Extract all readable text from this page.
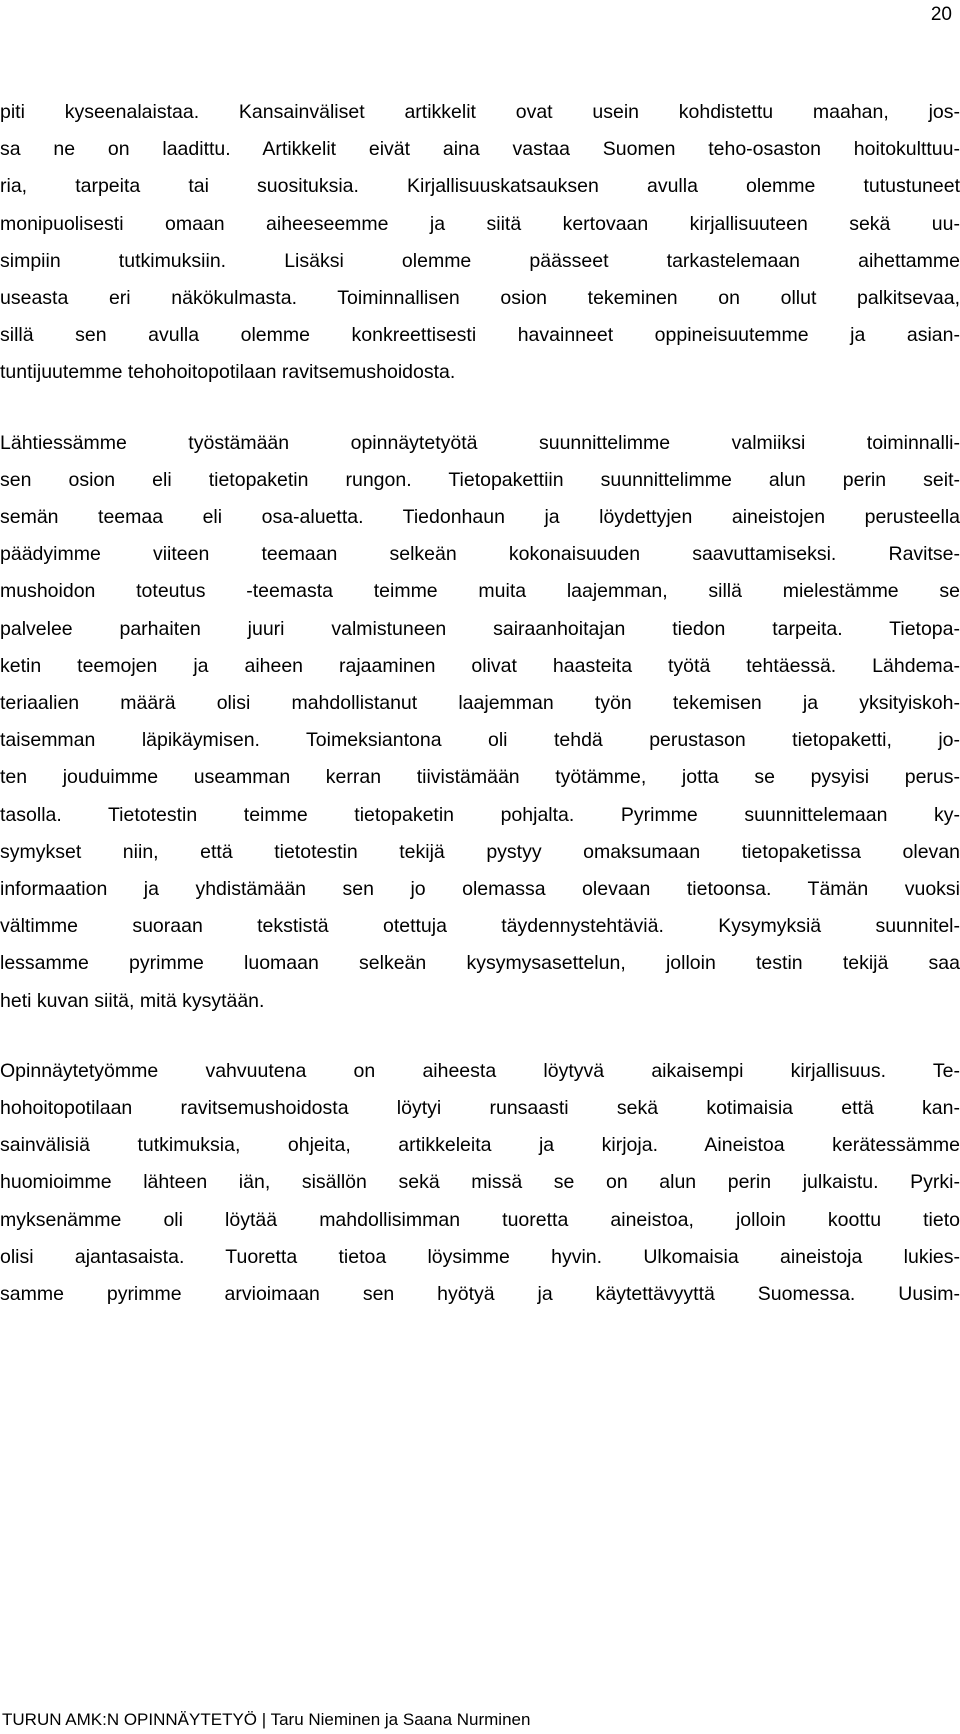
20
piti kyseenalaistaa. Kansainväliset artikkelit ovat usein kohdistettu maahan, jos-
sa ne on laadittu. Artikkelit eivät aina vastaa Suomen teho-osaston hoitokulttuu-
ria, tarpeita tai suosituksia. Kirjallisuuskatsauksen avulla olemme tutustuneet
monipuolisesti omaan aiheeseemme ja siitä kertovaan kirjallisuuteen sekä uu-
simpiin tutkimuksiin. Lisäksi olemme päässeet tarkastelemaan aihettamme
useasta eri näkökulmasta. Toiminnallisen osion tekeminen on ollut palkitsevaa,
sillä sen avulla olemme konkreettisesti havainneet oppineisuutemme ja asian-
tuntijuutemme tehohoitopotilaan ravitsemushoidosta.
Lähtiessämme työstämään opinnäytetyötä suunnittelimme valmiiksi toiminnalli-
sen osion eli tietopaketin rungon. Tietopakettiin suunnittelimme alun perin seit-
semän teemaa eli osa-aluetta. Tiedonhaun ja löydettyjen aineistojen perusteella
päädyimme viiteen teemaan selkeän kokonaisuuden saavuttamiseksi. Ravitse-
mushoidon toteutus -teemasta teimme muita laajemman, sillä mielestämme se
palvelee parhaiten juuri valmistuneen sairaanhoitajan tiedon tarpeita. Tietopa-
ketin teemojen ja aiheen rajaaminen olivat haasteita työtä tehtäessä. Lähdema-
teriaalien määrä olisi mahdollistanut laajemman työn tekemisen ja yksityiskoh-
taisemman läpikäymisen. Toimeksiantona oli tehdä perustason tietopaketti, jo-
ten jouduimme useamman kerran tiivistämään työtämme, jotta se pysyisi perus-
tasolla. Tietotestin teimme tietopaketin pohjalta. Pyrimme suunnittelemaan ky-
symykset niin, että tietotestin tekijä pystyy omaksumaan tietopaketissa olevan
informaation ja yhdistämään sen jo olemassa olevaan tietoonsa. Tämän vuoksi
vältimme suoraan tekstistä otettuja täydennystehtäviä. Kysymyksiä suunnitel-
lessamme pyrimme luomaan selkeän kysymysasettelun, jolloin testin tekijä saa
heti kuvan siitä, mitä kysytään.
Opinnäytetyömme vahvuutena on aiheesta löytyvä aikaisempi kirjallisuus. Te-
hohoitopotilaan ravitsemushoidosta löytyi runsaasti sekä kotimaisia että kan-
sainvälisiä tutkimuksia, ohjeita, artikkeleita ja kirjoja. Aineistoa kerätessämme
huomioimme lähteen iän, sisällön sekä missä se on alun perin julkaistu. Pyrki-
myksenämme oli löytää mahdollisimman tuoretta aineistoa, jolloin koottu tieto
olisi ajantasaista. Tuoretta tietoa löysimme hyvin. Ulkomaisia aineistoja lukies-
samme pyrimme arvioimaan sen hyötyä ja käytettävyyttä Suomessa. Uusim-
TURUN AMK:N OPINNÄYTETYÖ | Taru Nieminen ja Saana Nurminen
